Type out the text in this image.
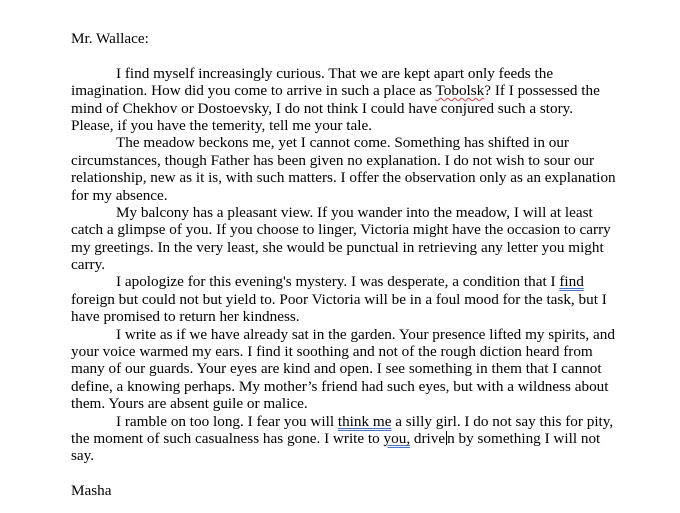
Mr. Wallace:
I find myself increasingly curious. That we are kept apart only feeds the
imagination. How did you come to arrive in such a place as Tobolsk? If I possessed the
mind of Chekhov or Dostoevsky, I do not think I could have conjured such a story.
Please, if you have the temerity, tell me your tale.
The meadow beckons me, yet I cannot come. Something has shifted in our
circumstances, though Father has been given no explanation. I do not wish to sour our
relationship, new as it is, with such matters. I offer the observation only as an explanation
for my absence.
My balcony has a pleasant view. If you wander into the meadow, I will at least
catch a glimpse of you. If you choose to linger, Victoria might have the occasion to carry
my greetings. In the very least, she would be punctual in retrieving any letter you might
carry.
I apologize for this evening's mystery. I was desperate, a condition that I find
foreign but could not but yield to. Poor Victoria will be in a foul mood for the task, but I
have promised to return her kindness.
I write as if we have already sat in the garden. Your presence lifted my spirits, and
your voice warmed my ears. I find it soothing and not of the rough diction heard from
many of our guards. Your eyes are kind and open. I see something in them that I cannot
define, a knowing perhaps. My mother’s friend had such eyes, but with a wildness about
them. Yours are absent guile or malice.
I ramble on too long. I fear you will think me a silly girl. I do not say this for pity,
the moment of such casualness has gone. I write to you, drive n by something I will not
say.
Masha
